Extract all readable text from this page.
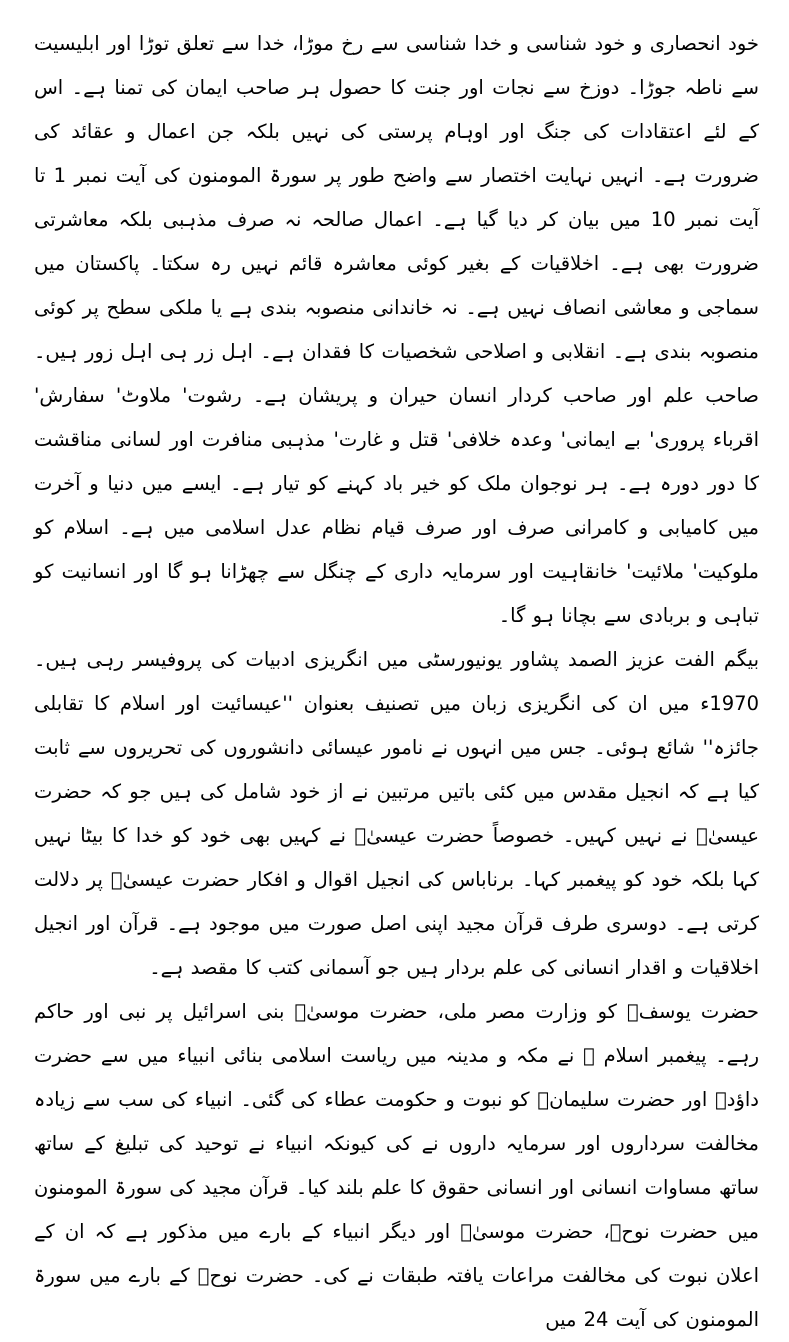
خود انحصاری و خود شناسی و خدا شناسی سے رخ موڑا، خدا سے تعلق توڑا اور ابلیسیت سے ناطہ جوڑا۔ دوزخ سے نجات اور جنت کا حصول ہر صاحب ایمان کی تمنا ہے۔ اس کے لئے اعتقادات کی جنگ اور اوہام پرستی کی نہیں بلکہ جن اعمال و عقائد کی ضرورت ہے۔ انہیں نہایت اختصار سے واضح طور پر سورۃ المومنون کی آیت نمبر 1 تا آیت نمبر 10 میں بیان کر دیا گیا ہے۔ اعمال صالحہ نہ صرف مذہبی بلکہ معاشرتی ضرورت بھی ہے۔ اخلاقیات کے بغیر کوئی معاشرہ قائم نہیں رہ سکتا۔ پاکستان میں سماجی و معاشی انصاف نہیں ہے۔ نہ خاندانی منصوبہ بندی ہے یا ملکی سطح پر کوئی منصوبہ بندی ہے۔ انقلابی و اصلاحی شخصیات کا فقدان ہے۔ اہل زر ہی اہل زور ہیں۔ صاحب علم اور صاحب کردار انسان حیران و پریشان ہے۔ رشوت' ملاوٹ' سفارش' اقرباء پروری' بے ایمانی' وعدہ خلافی' قتل و غارت' مذہبی منافرت اور لسانی مناقشت کا دور دورہ ہے۔ ہر نوجوان ملک کو خیر باد کہنے کو تیار ہے۔ ایسے میں دنیا و آخرت میں کامیابی و کامرانی صرف اور صرف قیام نظام عدل اسلامی میں ہے۔ اسلام کو ملوکیت' ملائیت' خانقاہیت اور سرمایہ داری کے چنگل سے چھڑانا ہو گا اور انسانیت کو تباہی و بربادی سے بچانا ہو گا۔

بیگم الفت عزیز الصمد پشاور یونیورسٹی میں انگریزی ادبیات کی پروفیسر رہی ہیں۔ 1970ء میں ان کی انگریزی زبان میں تصنیف بعنوان ''عیسائیت اور اسلام کا تقابلی جائزہ'' شائع ہوئی۔ جس میں انہوں نے نامور عیسائی دانشوروں کی تحریروں سے ثابت کیا ہے کہ انجیل مقدس میں کئی باتیں مرتبین نے از خود شامل کی ہیں جو کہ حضرت عیسیٰؑ نے نہیں کہیں۔ خصوصاً حضرت عیسیٰؑ نے کہیں بھی خود کو خدا کا بیٹا نہیں کہا بلکہ خود کو پیغمبر کہا۔ برناباس کی انجیل اقوال و افکار حضرت عیسیٰؑ پر دلالت کرتی ہے۔ دوسری طرف قرآن مجید اپنی اصل صورت میں موجود ہے۔ قرآن اور انجیل اخلاقیات و اقدار انسانی کی علم بردار ہیں جو آسمانی کتب کا مقصد ہے۔

حضرت یوسفؑ کو وزارت مصر ملی، حضرت موسیٰؑ بنی اسرائیل پر نبی اور حاکم رہے۔ پیغمبر اسلام ﷺ نے مکہ و مدینہ میں ریاست اسلامی بنائی انبیاء میں سے حضرت داؤدؑ اور حضرت سلیمانؑ کو نبوت و حکومت عطاء کی گئی۔ انبیاء کی سب سے زیادہ مخالفت سرداروں اور سرمایہ داروں نے کی کیونکہ انبیاء نے توحید کی تبلیغ کے ساتھ ساتھ مساوات انسانی اور انسانی حقوق کا علم بلند کیا۔ قرآن مجید کی سورۃ المومنون میں حضرت نوحؑ، حضرت موسیٰؑ اور دیگر انبیاء کے بارے میں مذکور ہے کہ ان کے اعلان نبوت کی مخالفت مراعات یافتہ طبقات نے کی۔ حضرت نوحؑ کے بارے میں سورۃ المومنون کی آیت 24 میں
